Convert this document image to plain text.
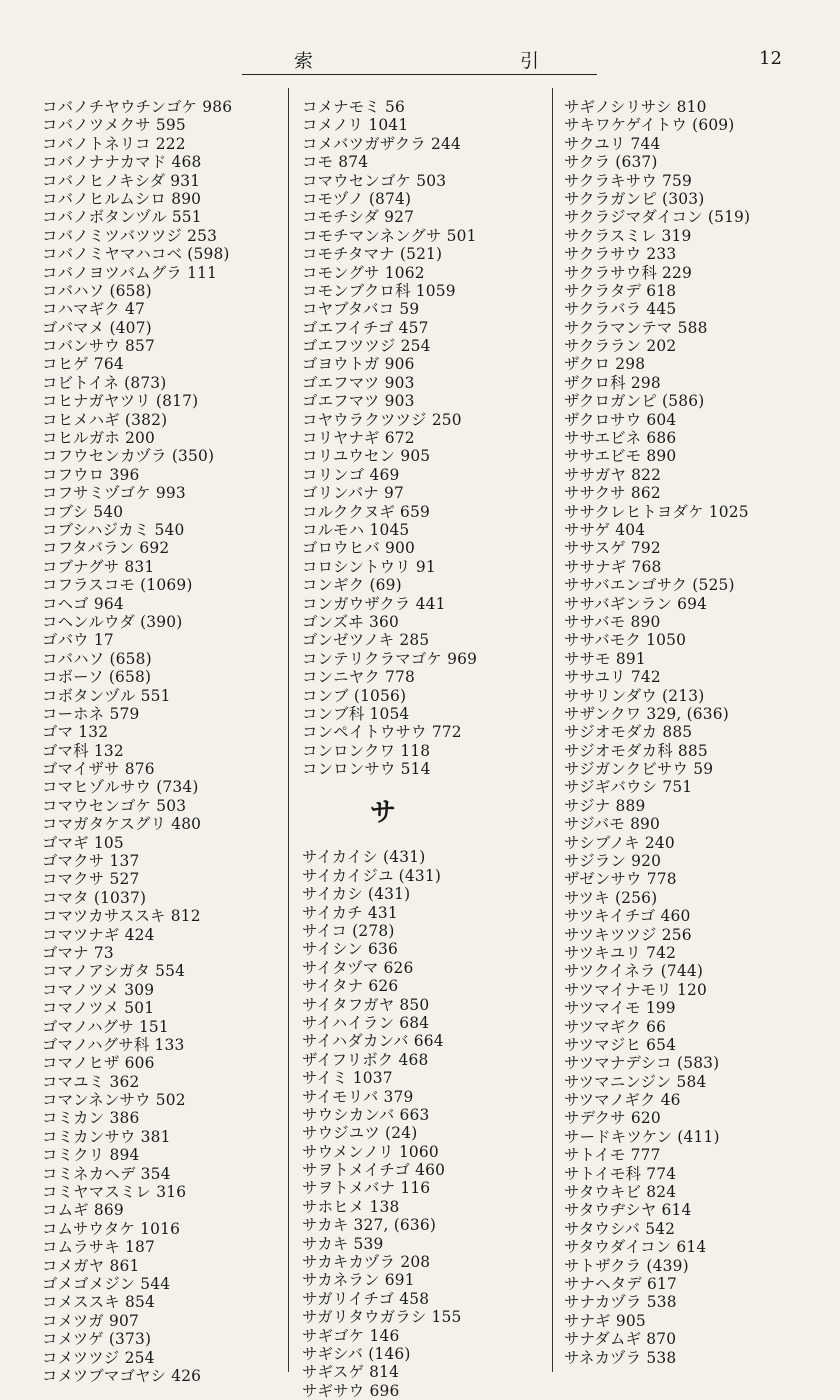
索	引	12
コバノチヤウチンゴケ 986
コバノツメクサ 595
コバノトネリコ 222
コバノナナカマド 468
コバノヒノキシダ 931
コバノヒルムシロ 890
コバノボタンヅル 551
コバノミツバツツジ 253
コバノミヤマハコベ (598)
コバノヨツバムグラ 111
コバハソ (658)
コハマギク 47
ゴバマメ (407)
コバンサウ 857
コヒゲ 764
コビトイネ (873)
コヒナガヤツリ (817)
コヒメハギ (382)
コヒルガホ 200
コフウセンカヅラ (350)
コフウロ 396
コフサミヅゴケ 993
コブシ 540
コブシハジカミ 540
コフタバラン 692
コブナグサ 831
コフラスコモ (1069)
コヘゴ 964
コヘンルウダ (390)
ゴバウ 17
コバハソ (658)
コボーソ (658)
コボタンヅル 551
コーホネ 579
ゴマ 132
ゴマ科 132
ゴマイザサ 876
コマヒゾルサウ (734)
コマウセンゴケ 503
コマガタケスグリ 480
ゴマギ 105
ゴマクサ 137
コマクサ 527
コマタ (1037)
コマツカサススキ 812
コマツナギ 424
ゴマナ 73
コマノアシガタ 554
コマノツメ 309
コマノツメ 501
ゴマノハグサ 151
ゴマノハグサ科 133
コマノヒザ 606
コマユミ 362
コマンネンサウ 502
コミカン 386
コミカンサウ 381
コミクリ 894
コミネカヘデ 354
コミヤマスミレ 316
コムギ 869
コムサウタケ 1016
コムラサキ 187
コメガヤ 861
ゴメゴメジン 544
コメススキ 854
コメツガ 907
コメツゲ (373)
コメツツジ 254
コメツブマゴヤシ 426
コメナモミ 56
コメノリ 1041
コメバツガザクラ 244
コモ 874
コマウセンゴケ 503
コモヅノ (874)
コモチシダ 927
コモチマンネングサ 501
コモチタマナ (521)
コモングサ 1062
コモンブクロ科 1059
コヤブタバコ 59
ゴエフイチゴ 457
ゴエフツツジ 254
ゴヨウトガ 906
ゴエフマツ 903
ゴエフマツ 903
コヤウラクツツジ 250
コリヤナギ 672
コリユウセン 905
コリンゴ 469
ゴリンバナ 97
コルククヌギ 659
コルモハ 1045
ゴロウヒバ 900
コロシントウリ 91
コンギク (69)
コンガウザクラ 441
ゴンズヰ 360
ゴンゼツノキ 285
コンテリクラマゴケ 969
コンニヤク 778
コンブ (1056)
コンブ科 1054
コンペイトウサウ 772
コンロンクワ 118
コンロンサウ 514
サ
サイカイシ (431)
サイカイジユ (431)
サイカシ (431)
サイカチ 431
サイコ (278)
サイシン 636
サイタヅマ 626
サイタナ 626
サイタフガヤ 850
サイハイラン 684
サイハダカンバ 664
ザイフリボク 468
サイミ 1037
サイモリバ 379
サウシカンバ 663
サウジユツ (24)
サウメンノリ 1060
サヲトメイチゴ 460
サヲトメバナ 116
サホヒメ 138
サカキ 327, (636)
サカキ 539
サカキカヅラ 208
サカネラン 691
サガリイチゴ 458
サガリタウガラシ 155
サギゴケ 146
サギシバ (146)
サギスゲ 814
サギサウ 696
サギノシリサシ 810
サキワケゲイトウ (609)
サクユリ 744
サクラ (637)
サクラキサウ 759
サクラガンピ (303)
サクラジマダイコン (519)
サクラスミレ 319
サクラサウ 233
サクラサウ科 229
サクラタデ 618
サクラバラ 445
サクラマンテマ 588
サクララン 202
ザクロ 298
ザクロ科 298
ザクロガンピ (586)
ザクロサウ 604
ササエビネ 686
ササエビモ 890
ササガヤ 822
ササクサ 862
ササクレヒトヨダケ 1025
ササゲ 404
ササスゲ 792
ササナギ 768
ササバエンゴサク (525)
ササバギンラン 694
ササバモ 890
ササバモク 1050
ササモ 891
ササユリ 742
ササリンダウ (213)
サザンクワ 329, (636)
サジオモダカ 885
サジオモダカ科 885
サジガンクビサウ 59
サジギバウシ 751
サジナ 889
サジバモ 890
サシブノキ 240
サジラン 920
ザゼンサウ 778
サツキ (256)
サツキイチゴ 460
サツキツツジ 256
サツキユリ 742
サツクイネラ (744)
サツマイナモリ 120
サツマイモ 199
サツマギク 66
サツマジヒ 654
サツマナデシコ (583)
サツマニンジン 584
サツマノギク 46
サデクサ 620
サードキツケン (411)
サトイモ 777
サトイモ科 774
サタウキビ 824
サタウヂシヤ 614
サタウシバ 542
サタウダイコン 614
サトザクラ (439)
サナヘタデ 617
サナカヅラ 538
サナギ 905
サナダムギ 870
サネカヅラ 538
